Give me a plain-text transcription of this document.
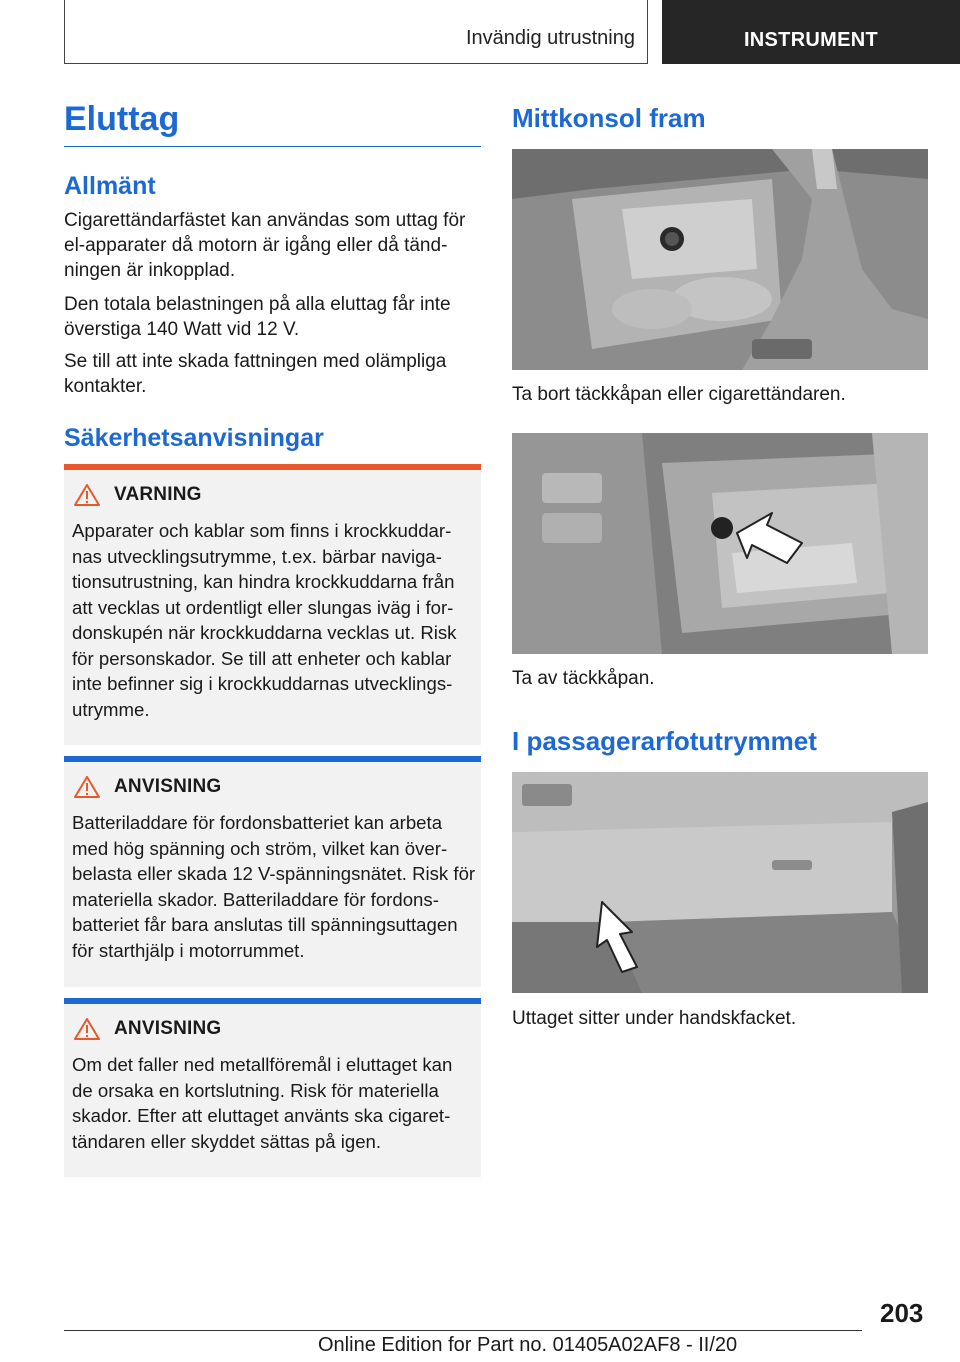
Invändig utrustning	INSTRUMENT
Eluttag
Allmänt

Cigarettändarfästet kan användas som uttag för el-apparater då motorn är igång eller då tänd-ningen är inkopplad.

Den totala belastningen på alla eluttag får inte överstiga 140 Watt vid 12 V.

Se till att inte skada fattningen med olämpliga kontakter.

Säkerhetsanvisningar
VARNING
Apparater och kablar som finns i krockkuddar-nas utvecklingsutrymme, t.ex. bärbar naviga-tionsutrustning, kan hindra krockkuddarna från att vecklas ut ordentligt eller slungas iväg i for-donskupén när krockkuddarna vecklas ut. Risk för personskador. Se till att enheter och kablar inte befinner sig i krockkuddarnas utvecklings-utrymme.
ANVISNING
Batteriladdare för fordonsbatteriet kan arbeta med hög spänning och ström, vilket kan över-belasta eller skada 12 V-spänningsnätet. Risk för materiella skador. Batteriladdare för fordons-batteriet får bara anslutas till spänningsuttagen för starthjälp i motorrummet.
ANVISNING
Om det faller ned metallföremål i eluttaget kan de orsaka en kortslutning. Risk för materiella skador. Efter att eluttaget använts ska cigaret-tändaren eller skyddet sättas på igen.
Mittkonsol fram
Ta bort täckkåpan eller cigarettändaren.
Ta av täckkåpan.
I passagerarfotutrymmet
Uttaget sitter under handskfacket.
203
Online Edition for Part no. 01405A02AF8 - II/20
